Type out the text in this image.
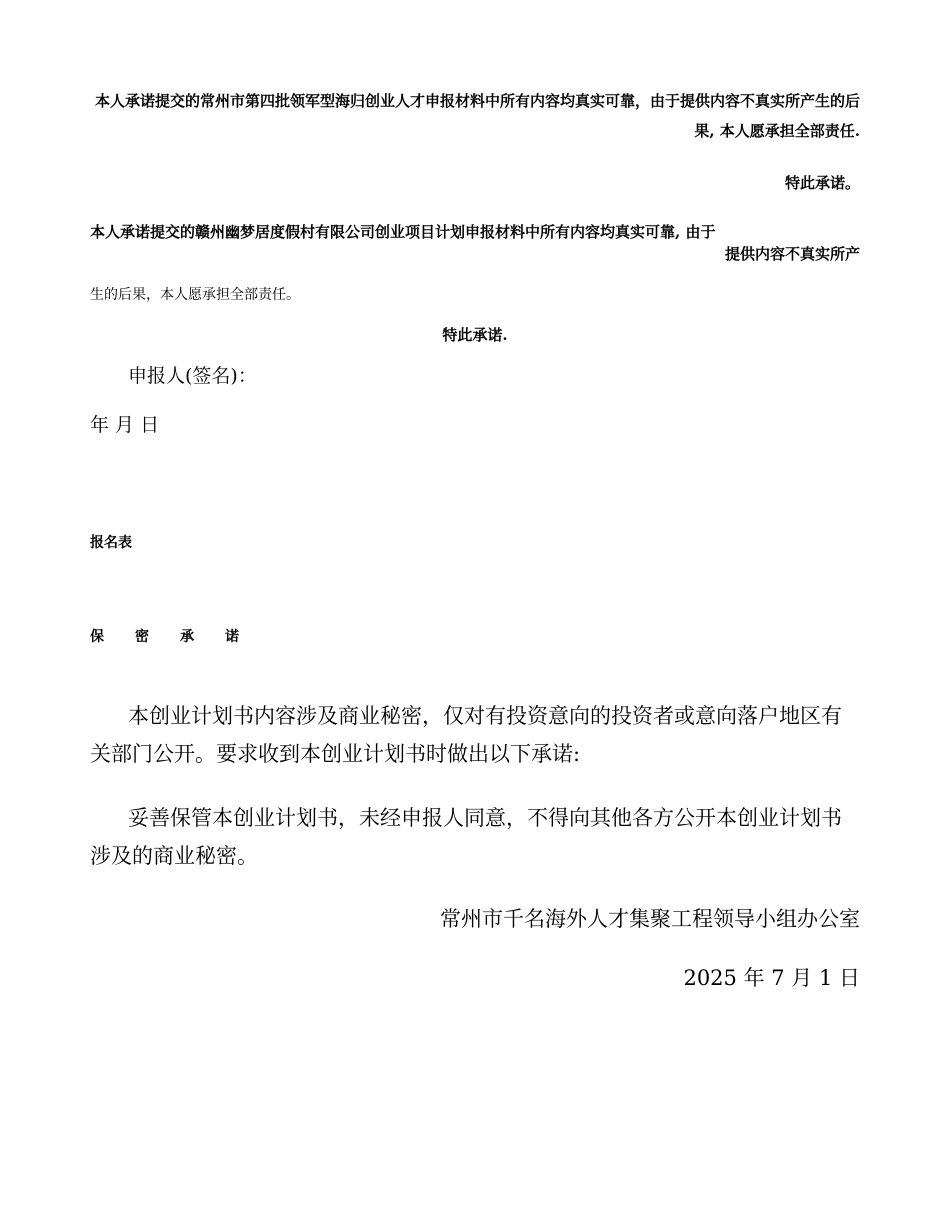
本人承诺提交的常州市第四批领军型海归创业人才申报材料中所有内容均真实可靠，由于提供内容不真实所产生的后果, 本人愿承担全部责任.
特此承诺。
本人承诺提交的赣州幽梦居度假村有限公司创业项目计划申报材料中所有内容均真实可靠, 由于
提供内容不真实所产
生的后果，本人愿承担全部责任。
特此承诺.
申报人(签名)：
年 月 日
报名表
保密承诺
本创业计划书内容涉及商业秘密，仅对有投资意向的投资者或意向落户地区有关部门公开。要求收到本创业计划书时做出以下承诺:
妥善保管本创业计划书，未经申报人同意，不得向其他各方公开本创业计划书涉及的商业秘密。
常州市千名海外人才集聚工程领导小组办公室
2025 年 7 月 1 日
